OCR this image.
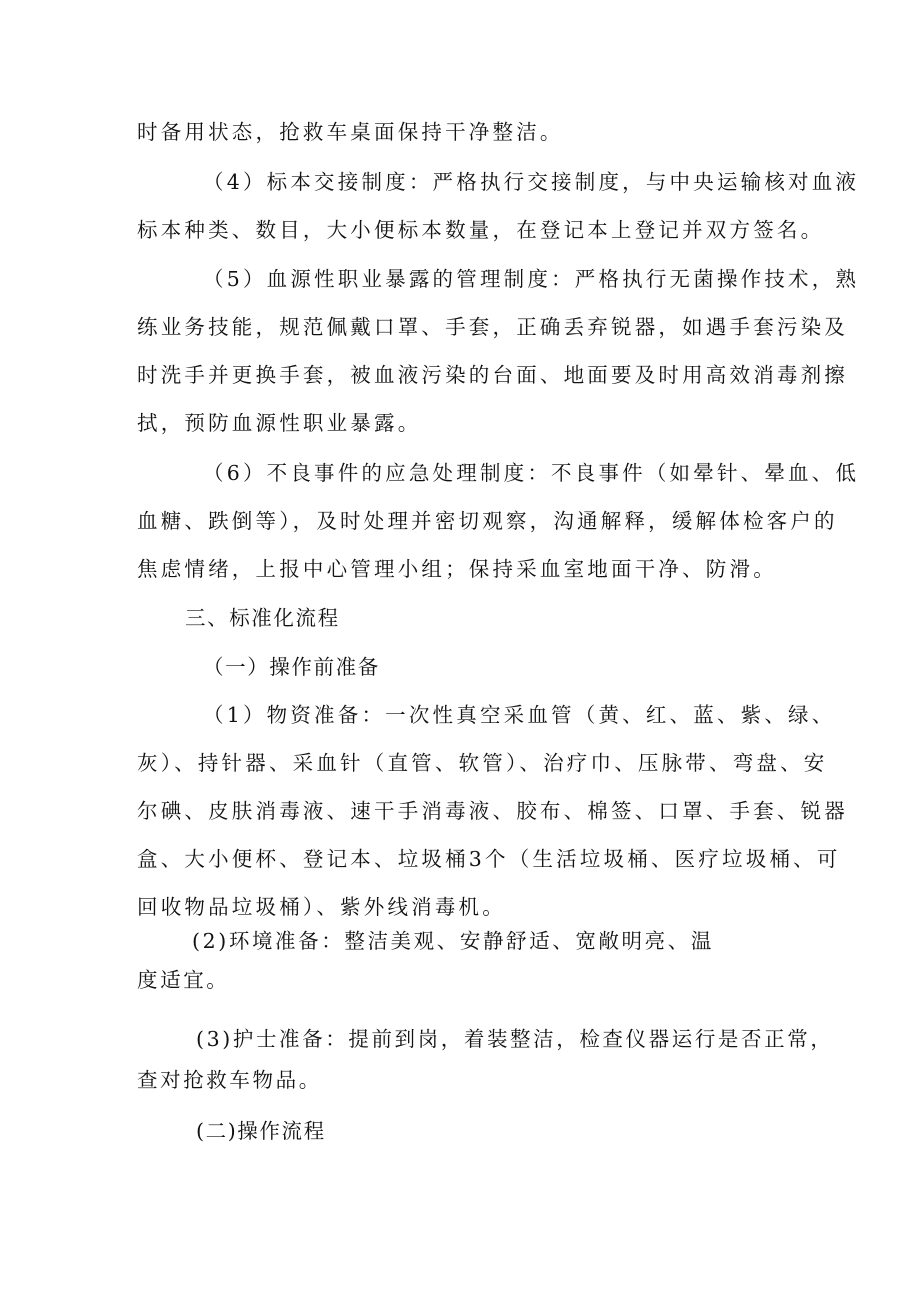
时备用状态，抢救车桌面保持干净整洁。
（4）标本交接制度：严格执行交接制度，与中央运输核对血液
标本种类、数目，大小便标本数量，在登记本上登记并双方签名。
（5）血源性职业暴露的管理制度：严格执行无菌操作技术，熟
练业务技能，规范佩戴口罩、手套，正确丢弃锐器，如遇手套污染及
时洗手并更换手套，被血液污染的台面、地面要及时用高效消毒剂擦
拭，预防血源性职业暴露。
（6）不良事件的应急处理制度：不良事件（如晕针、晕血、低
血糖、跌倒等），及时处理并密切观察，沟通解释，缓解体检客户的
焦虑情绪，上报中心管理小组；保持采血室地面干净、防滑。
三、标准化流程
（一）操作前准备
（1）物资准备：一次性真空采血管（黄、红、蓝、紫、绿、
灰）、持针器、采血针（直管、软管）、治疗巾、压脉带、弯盘、安
尔碘、皮肤消毒液、速干手消毒液、胶布、棉签、口罩、手套、锐器
盒、大小便杯、登记本、垃圾桶3个（生活垃圾桶、医疗垃圾桶、可
回收物品垃圾桶）、紫外线消毒机。
(2)环境准备：整洁美观、安静舒适、宽敞明亮、温
度适宜。
(3)护士准备：提前到岗，着装整洁，检查仪器运行是否正常，
查对抢救车物品。
(二)操作流程
